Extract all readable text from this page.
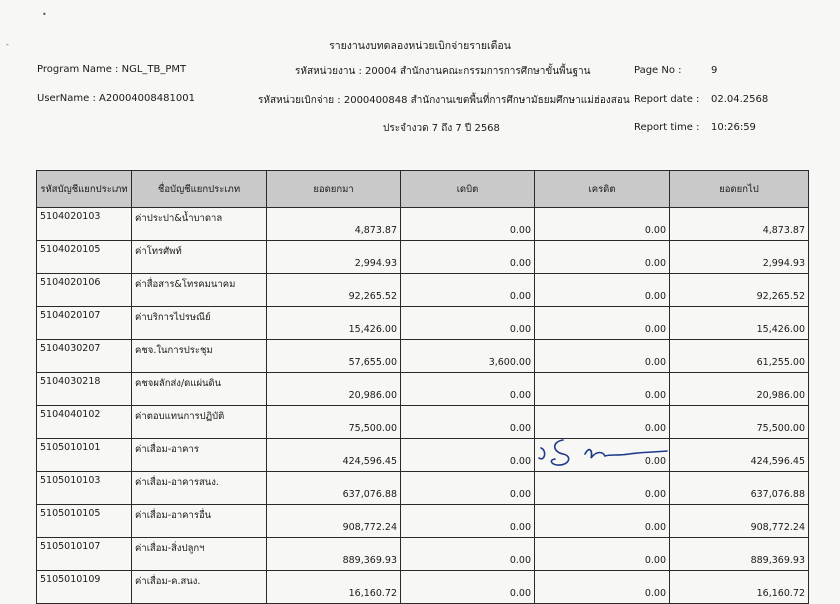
•
-	รายงานงบทดลองหน่วยเบิกจ่ายรายเดือน
Program Name : NGL_TB_PMT
UserName : A20004008481001
รหัสหน่วยงาน : 20004 สำนักงานคณะกรรมการการศึกษาขั้นพื้นฐาน
รหัสหน่วยเบิกจ่าย : 2000400848 สำนักงานเขตพื้นที่การศึกษามัธยมศึกษาแม่ฮ่องสอน
ประจำงวด 7 ถึง 7 ปี 2568
Page No :	9
Report date : 02.04.2568
Report time : 10:26:59
รหัสบัญชีแยกประเภท	ชื่อบัญชีแยกประเภท	ยอดยกมา	เดบิต	เครดิต	ยอดยกไป
5104020103	ค่าประปา&น้ำบาดาล	4,873.87	0.00	0.00	4,873.87
5104020105	ค่าโทรศัพท์	2,994.93	0.00	0.00	2,994.93
5104020106	ค่าสื่อสาร&โทรคมนาคม	92,265.52	0.00	0.00	92,265.52
5104020107	ค่าบริการไปรษณีย์	15,426.00	0.00	0.00	15,426.00
5104030207	คชจ.ในการประชุม	57,655.00	3,600.00	0.00	61,255.00
5104030218	คชจผลักส่ง/ดแผ่นดิน	20,986.00	0.00	0.00	20,986.00
5104040102	ค่าตอบแทนการปฏิบัติ	75,500.00	0.00	0.00	75,500.00
5105010101	ค่าเสื่อม-อาคาร	424,596.45	0.00	0.00	424,596.45
5105010103	ค่าเสื่อม-อาคารสนง.	637,076.88	0.00	0.00	637,076.88
5105010105	ค่าเสื่อม-อาคารอื่น	908,772.24	0.00	0.00	908,772.24
5105010107	ค่าเสื่อม-สิ่งปลูกฯ	889,369.93	0.00	0.00	889,369.93
5105010109	ค่าเสื่อม-ค.สนง.	16,160.72	0.00	0.00	16,160.72
